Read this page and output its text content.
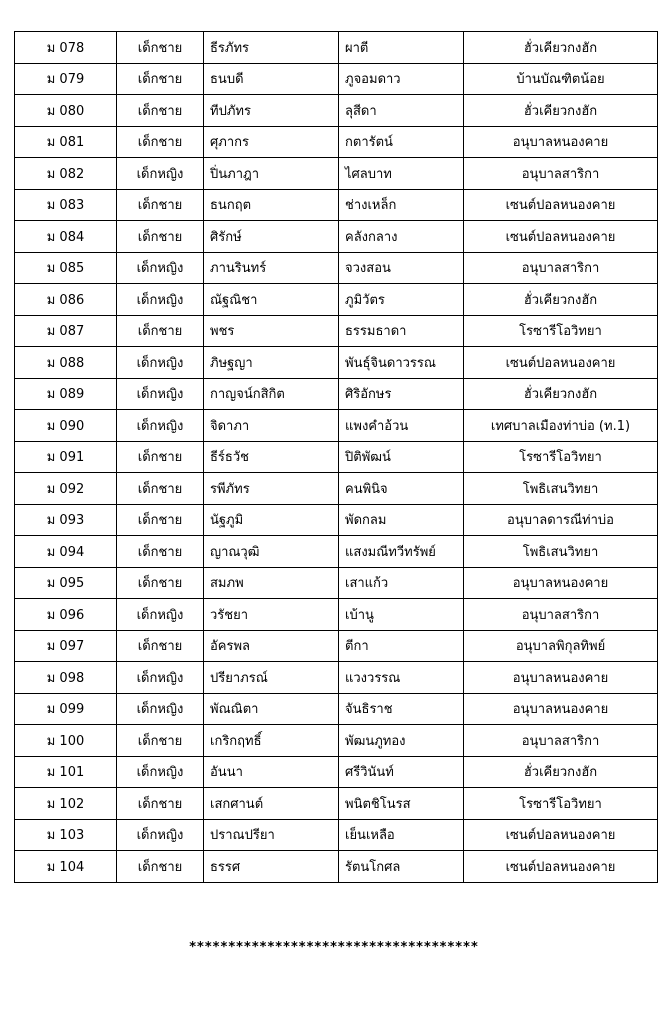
ม 078	เด็กชาย	ธีรภัทร	ผาตี	ฮั่วเคียวกงฮัก
ม 079	เด็กชาย	ธนบดี	ภูจอมดาว	บ้านบัณฑิตน้อย
ม 080	เด็กชาย	ทีปภัทร	ลุสีดา	ฮั่วเคียวกงฮัก
ม 081	เด็กชาย	ศุภากร	กตารัตน์	อนุบาลหนองคาย
ม 082	เด็กหญิง	ปิ่นภาฎา	ไศลบาท	อนุบาลสาริกา
ม 083	เด็กชาย	ธนกฤต	ช่างเหล็ก	เซนต์ปอลหนองคาย
ม 084	เด็กชาย	ศิรักษ์	คลังกลาง	เซนต์ปอลหนองคาย
ม 085	เด็กหญิง	ภานรินทร์	จวงสอน	อนุบาลสาริกา
ม 086	เด็กหญิง	ณัฐณิชา	ภูมิวัตร	ฮั่วเคียวกงฮัก
ม 087	เด็กชาย	พชร	ธรรมธาดา	โรซารีโอวิทยา
ม 088	เด็กหญิง	ภิษฐญา	พันธุ์จินดาวรรณ	เซนต์ปอลหนองคาย
ม 089	เด็กหญิง	กาญจน์กสิกิต	ศิริอักษร	ฮั่วเคียวกงฮัก
ม 090	เด็กหญิง	จิดาภา	แพงคำอ้วน	เทศบาลเมืองท่าบ่อ (ท.1)
ม 091	เด็กชาย	ธีร์ธวัช	ปิติพัฒน์	โรซารีโอวิทยา
ม 092	เด็กชาย	รพีภัทร	คนพินิจ	โพธิเสนวิทยา
ม 093	เด็กชาย	นัฐภูมิ	พัดกลม	อนุบาลดารณีท่าบ่อ
ม 094	เด็กชาย	ญาณวุฒิ	แสงมณีทวีทรัพย์	โพธิเสนวิทยา
ม 095	เด็กชาย	สมภพ	เสาแก้ว	อนุบาลหนองคาย
ม 096	เด็กหญิง	วรัชยา	เบ้านู	อนุบาลสาริกา
ม 097	เด็กชาย	อัครพล	ตีกา	อนุบาลพิกุลทิพย์
ม 098	เด็กหญิง	ปรียาภรณ์	แวงวรรณ	อนุบาลหนองคาย
ม 099	เด็กหญิง	พัณณิตา	จันธิราช	อนุบาลหนองคาย
ม 100	เด็กชาย	เกริกฤทธิ์	พัฒนภูทอง	อนุบาลสาริกา
ม 101	เด็กหญิง	อันนา	ศรีวินันท์	ฮั่วเคียวกงฮัก
ม 102	เด็กชาย	เสกศานต์	พนิตชิโนรส	โรซารีโอวิทยา
ม 103	เด็กหญิง	ปราณปรียา	เย็นเหลือ	เซนต์ปอลหนองคาย
ม 104	เด็กชาย	ธรรศ	รัตนโกศล	เซนต์ปอลหนองคาย
*************************************
